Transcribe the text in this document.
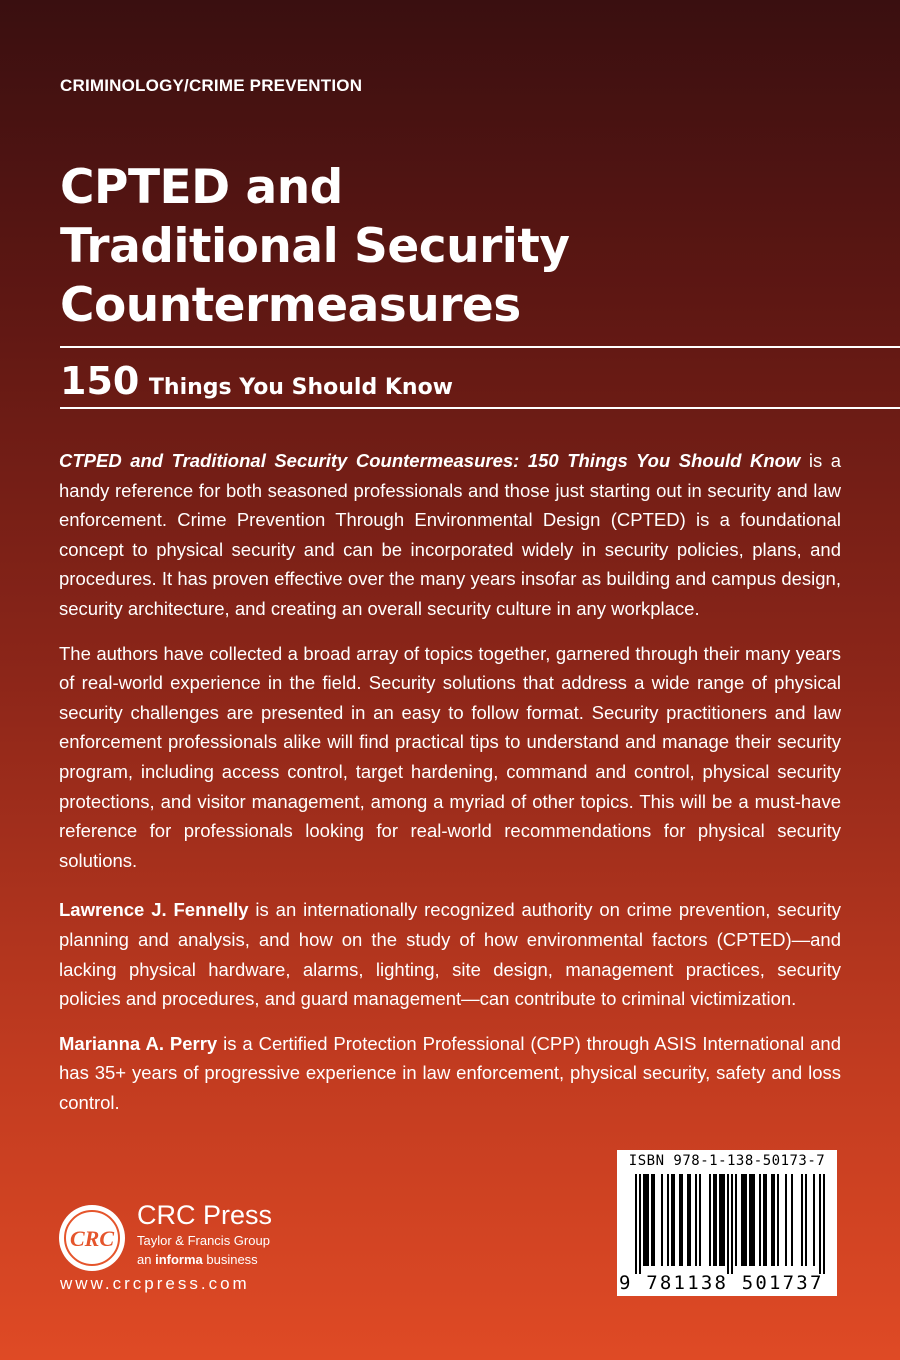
CRIMINOLOGY/CRIME PREVENTION
CPTED and
Traditional Security
Countermeasures
150 Things You Should Know

CTPED and Traditional Security Countermeasures: 150 Things You Should Know is a handy reference for both seasoned professionals and those just starting out in security and law enforcement. Crime Prevention Through Environmental Design (CPTED) is a foundational concept to physical security and can be incorporated widely in security policies, plans, and procedures. It has proven effective over the many years insofar as building and campus design, security architecture, and creating an overall security culture in any workplace.

The authors have collected a broad array of topics together, garnered through their many years of real-world experience in the field. Security solutions that address a wide range of physical security challenges are presented in an easy to follow format. Security practitioners and law enforcement professionals alike will find practical tips to understand and manage their security program, including access control, target hardening, command and control, physical security protections, and visitor management, among a myriad of other topics. This will be a must-have reference for professionals looking for real-world recommendations for physical security solutions.

Lawrence J. Fennelly is an internationally recognized authority on crime prevention, security planning and analysis, and how on the study of how environmental factors (CPTED)—and lacking physical hardware, alarms, lighting, site design, management practices, security policies and procedures, and guard management—can contribute to criminal victimization.

Marianna A. Perry is a Certified Protection Professional (CPP) through ASIS International and has 35+ years of progressive experience in law enforcement, physical security, safety and loss control.

CRC
CRC Press
Taylor & Francis Group
an informa business
www.crcpress.com
ISBN 978-1-138-50173-7
9 781138 501737
